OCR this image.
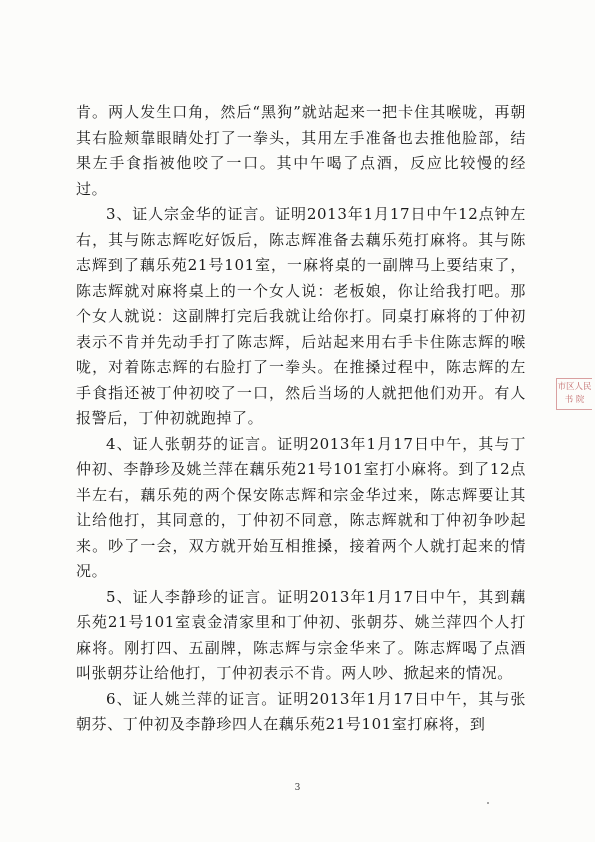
肯。两人发生口角，然后“黑狗”就站起来一把卡住其喉咙，再朝其右脸颊靠眼睛处打了一拳头，其用左手准备也去推他脸部，结果左手食指被他咬了一口。其中午喝了点酒，反应比较慢的经过。

3、证人宗金华的证言。证明2013年1月17日中午12点钟左右，其与陈志辉吃好饭后，陈志辉准备去藕乐苑打麻将。其与陈志辉到了藕乐苑21号101室，一麻将桌的一副牌马上要结束了，陈志辉就对麻将桌上的一个女人说：老板娘，你让给我打吧。那个女人就说：这副牌打完后我就让给你打。同桌打麻将的丁仲初表示不肯并先动手打了陈志辉，后站起来用右手卡住陈志辉的喉咙，对着陈志辉的右脸打了一拳头。在推搡过程中，陈志辉的左手食指还被丁仲初咬了一口，然后当场的人就把他们劝开。有人报警后，丁仲初就跑掉了。

4、证人张朝芬的证言。证明2013年1月17日中午，其与丁仲初、李静珍及姚兰萍在藕乐苑21号101室打小麻将。到了12点半左右，藕乐苑的两个保安陈志辉和宗金华过来，陈志辉要让其让给他打，其同意的，丁仲初不同意，陈志辉就和丁仲初争吵起来。吵了一会，双方就开始互相推搡，接着两个人就打起来的情况。

5、证人李静珍的证言。证明2013年1月17日中午，其到藕乐苑21号101室袁金清家里和丁仲初、张朝芬、姚兰萍四个人打麻将。刚打四、五副牌，陈志辉与宗金华来了。陈志辉喝了点酒叫张朝芬让给他打，丁仲初表示不肯。两人吵、掀起来的情况。

6、证人姚兰萍的证言。证明2013年1月17日中午，其与张朝芬、丁仲初及李静珍四人在藕乐苑21号101室打麻将，到

市区人民
书 院
3
